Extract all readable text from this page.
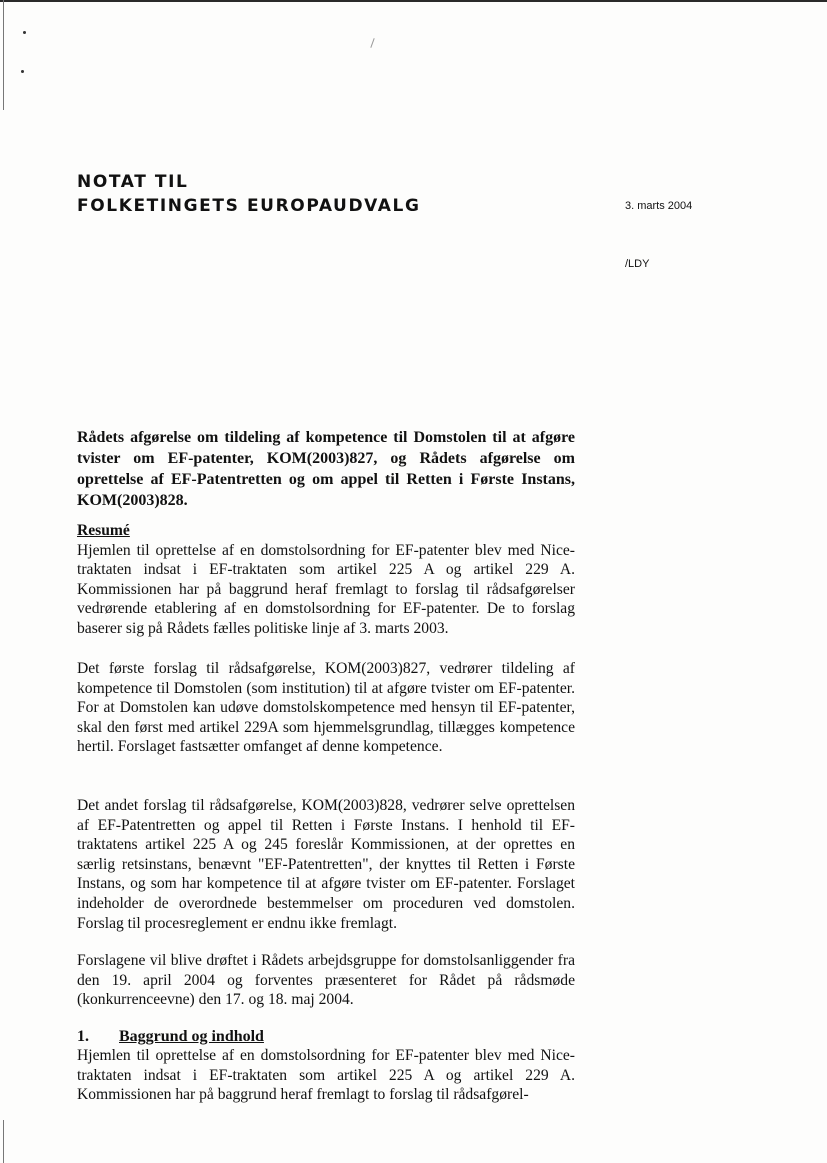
NOTAT TIL
FOLKETINGETS EUROPAUDVALG	3. marts 2004

/LDY

Rådets afgørelse om tildeling af kompetence til Domstolen til at afgøre tvister om EF-patenter, KOM(2003)827, og Rådets afgørelse om oprettelse af EF-Patentretten og om appel til Retten i Første Instans, KOM(2003)828.

Resumé
Hjemlen til oprettelse af en domstolsordning for EF-patenter blev med Nice-traktaten indsat i EF-traktaten som artikel 225 A og artikel 229 A. Kommissionen har på baggrund heraf fremlagt to forslag til rådsafgørelser vedrørende etablering af en domstolsordning for EF-patenter. De to forslag baserer sig på Rådets fælles politiske linje af 3. marts 2003.

Det første forslag til rådsafgørelse, KOM(2003)827, vedrører tildeling af kompetence til Domstolen (som institution) til at afgøre tvister om EF-patenter. For at Domstolen kan udøve domstolskompetence med hensyn til EF-patenter, skal den først med artikel 229A som hjemmelsgrundlag, tillægges kompetence hertil. Forslaget fastsætter omfanget af denne kompetence.

Det andet forslag til rådsafgørelse, KOM(2003)828, vedrører selve oprettelsen af EF-Patentretten og appel til Retten i Første Instans. I henhold til EF-traktatens artikel 225 A og 245 foreslår Kommissionen, at der oprettes en særlig retsinstans, benævnt "EF-Patentretten", der knyttes til Retten i Første Instans, og som har kompetence til at afgøre tvister om EF-patenter. Forslaget indeholder de overordnede bestemmelser om proceduren ved domstolen. Forslag til procesreglement er endnu ikke fremlagt.

Forslagene vil blive drøftet i Rådets arbejdsgruppe for domstolsanliggender fra den 19. april 2004 og forventes præsenteret for Rådet på rådsmøde (konkurrenceevne) den 17. og 18. maj 2004.

1. Baggrund og indhold

Hjemlen til oprettelse af en domstolsordning for EF-patenter blev med Nice-traktaten indsat i EF-traktaten som artikel 225 A og artikel 229 A. Kommissionen har på baggrund heraf fremlagt to forslag til rådsafgørel-
